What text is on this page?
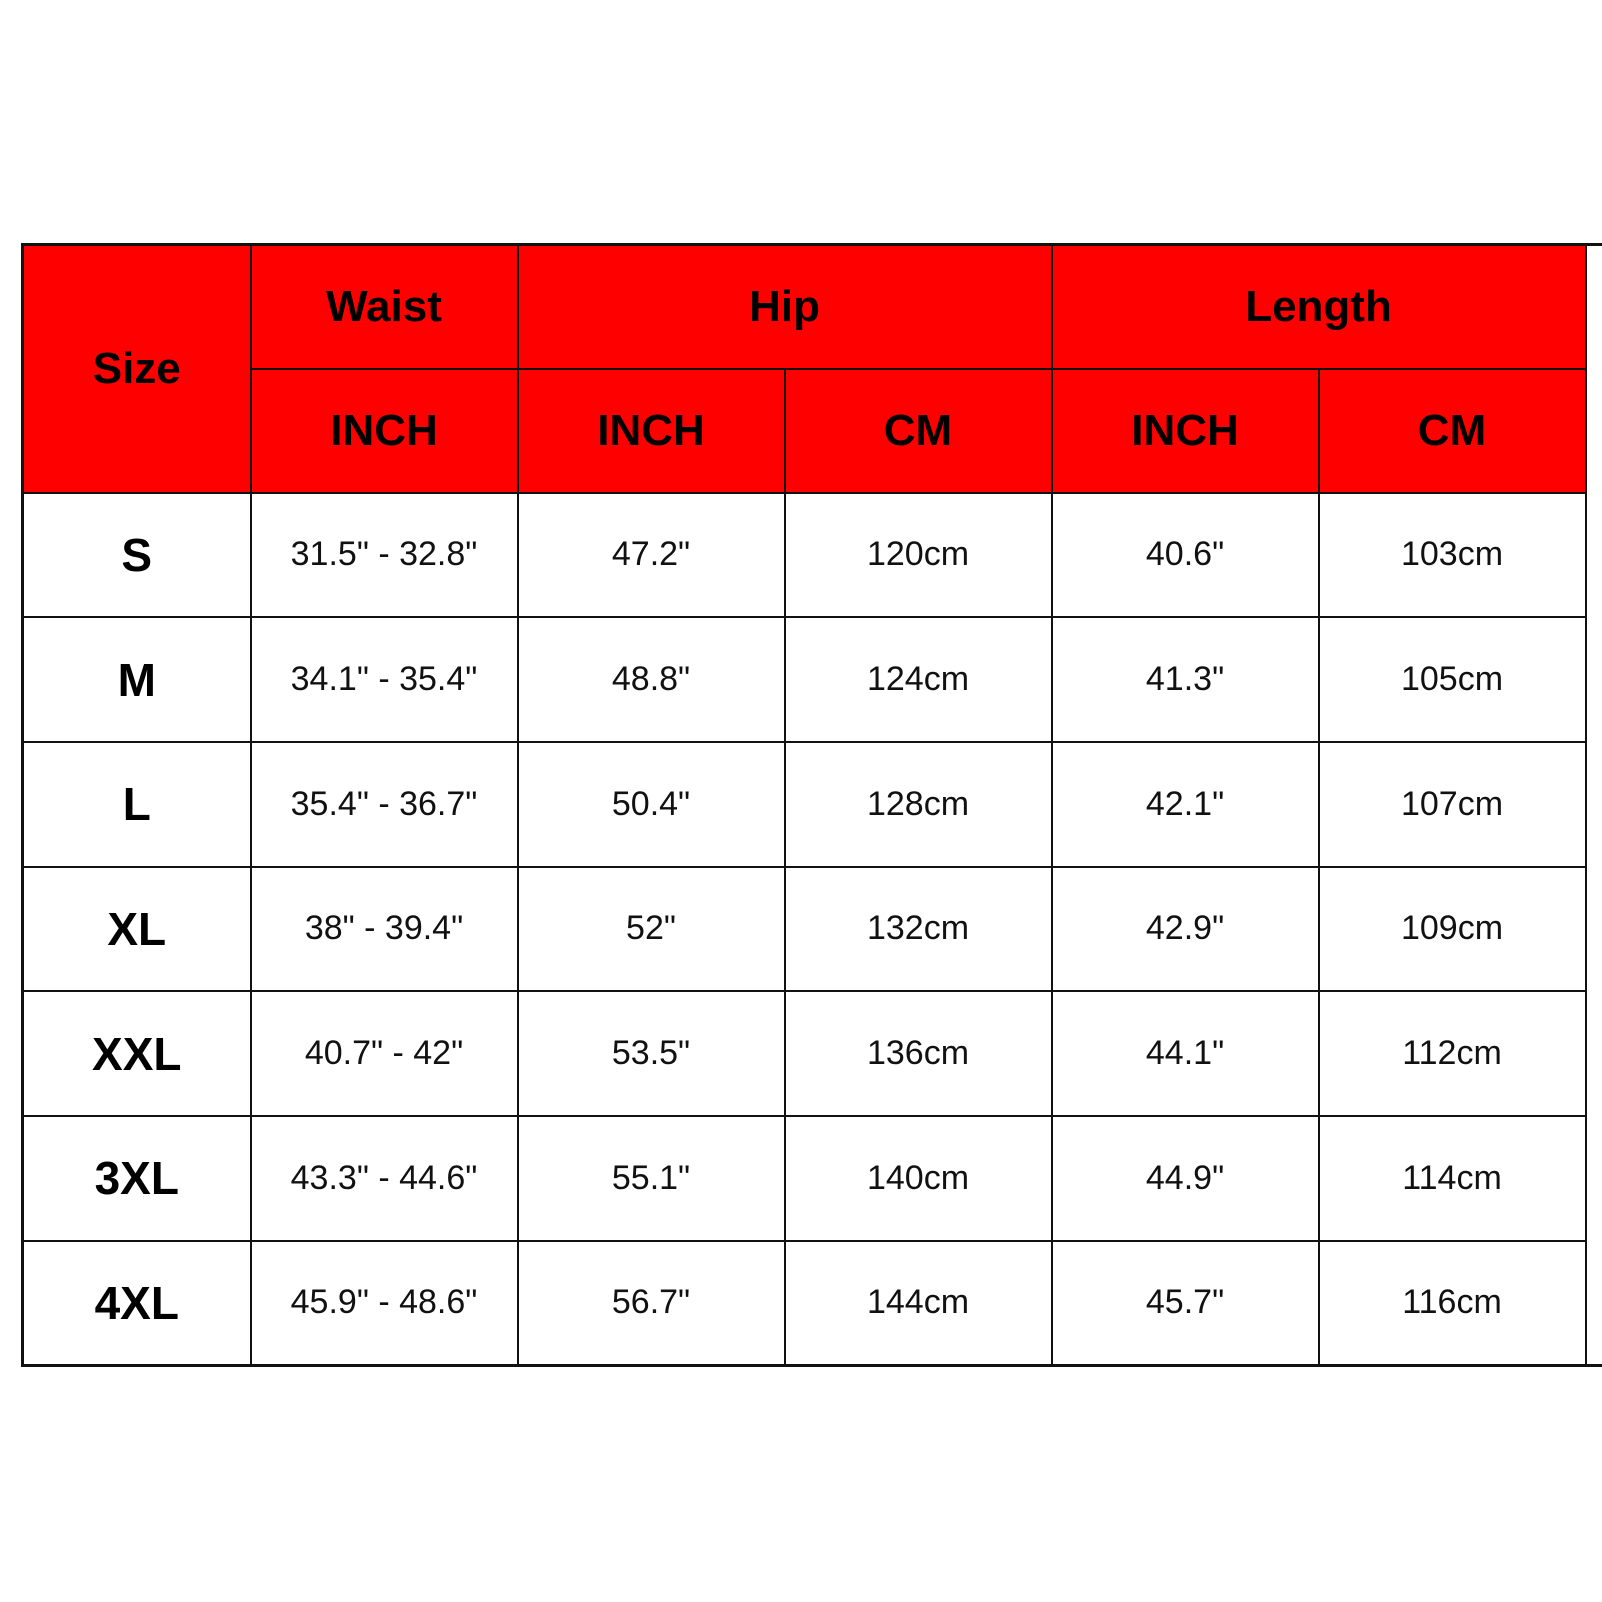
Size	Waist	Hip		Length	
	INCH	INCH	CM	INCH	CM
S	31.5" - 32.8"	47.2"	120cm	40.6"	103cm
M	34.1" - 35.4"	48.8"	124cm	41.3"	105cm
L	35.4" - 36.7"	50.4"	128cm	42.1"	107cm
XL	38" - 39.4"	52"	132cm	42.9"	109cm
XXL	40.7" - 42"	53.5"	136cm	44.1"	112cm
3XL	43.3" - 44.6"	55.1"	140cm	44.9"	114cm
4XL	45.9" - 48.6"	56.7"	144cm	45.7"	116cm
